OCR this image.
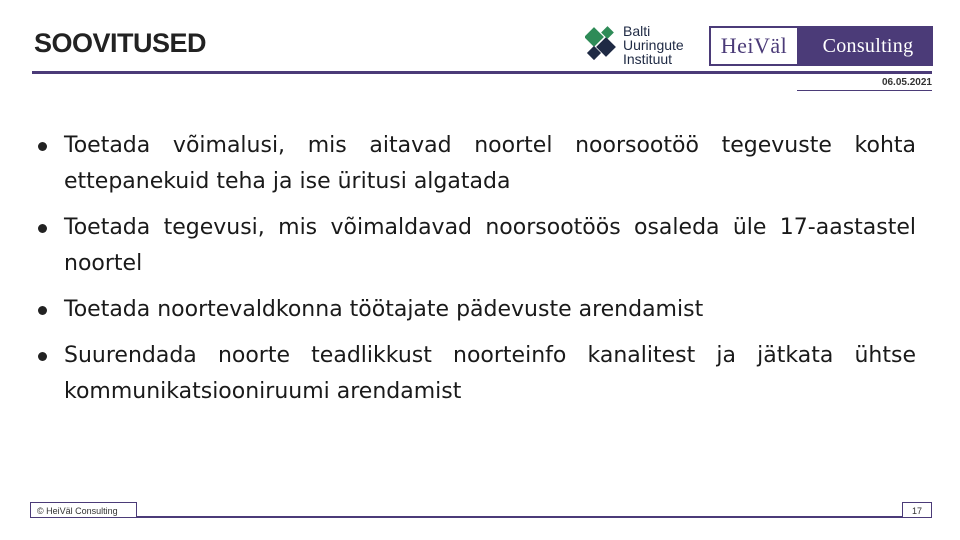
SOOVITUSED	Balti
Uuringute
Instituut
HeiVäl	Consulting
06.05.2021
Toetada võimalusi, mis aitavad noortel noorsootöö tegevuste kohta ettepanekuid teha ja ise üritusi algatada
Toetada tegevusi, mis võimaldavad noorsootöös osaleda üle 17-aastastel noortel
Toetada noortevaldkonna töötajate pädevuste arendamist
Suurendada noorte teadlikkust noorteinfo kanalitest ja jätkata ühtse kommunikatsiooniruumi arendamist
© HeiVäl Consulting	17
